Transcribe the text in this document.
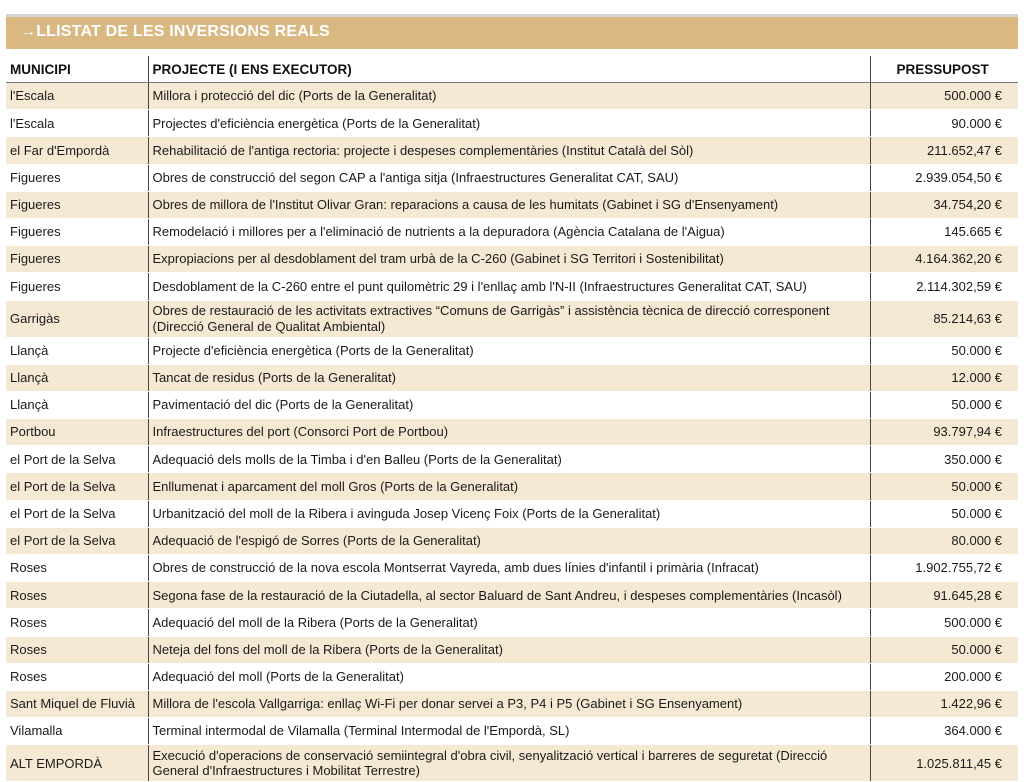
→LLISTAT DE LES INVERSIONS REALS
MUNICIPI	PROJECTE (I ENS EXECUTOR)	PRESSUPOST
l'Escala	Millora i protecció del dic (Ports de la Generalitat)	500.000 €
l'Escala	Projectes d'eficiència energètica (Ports de la Generalitat)	90.000 €
el Far d'Empordà	Rehabilitació de l'antiga rectoria: projecte i despeses complementàries (Institut Català del Sòl)	211.652,47 €
Figueres	Obres de construcció del segon CAP a l'antiga sitja (Infraestructures Generalitat CAT, SAU)	2.939.054,50 €
Figueres	Obres de millora de l'Institut Olivar Gran: reparacions a causa de les humitats (Gabinet i SG d'Ensenyament)	34.754,20 €
Figueres	Remodelació i millores per a l'eliminació de nutrients a la depuradora (Agència Catalana de l'Aigua)	145.665 €
Figueres	Expropiacions per al desdoblament del tram urbà de la C-260 (Gabinet i SG Territori i Sostenibilitat)	4.164.362,20 €
Figueres	Desdoblament de la C-260 entre el punt quilomètric 29 i l'enllaç amb l'N-II (Infraestructures Generalitat CAT, SAU)	2.114.302,59 €
Garrigàs	Obres de restauració de les activitats extractives “Comuns de Garrigàs” i assistència tècnica de direcció corresponent (Direcció General de Qualitat Ambiental)	85.214,63 €
Llançà	Projecte d'eficiència energètica (Ports de la Generalitat)	50.000 €
Llançà	Tancat de residus (Ports de la Generalitat)	12.000 €
Llançà	Pavimentació del dic (Ports de la Generalitat)	50.000 €
Portbou	Infraestructures del port (Consorci Port de Portbou)	93.797,94 €
el Port de la Selva	Adequació dels molls de la Timba i d'en Balleu (Ports de la Generalitat)	350.000 €
el Port de la Selva	Enllumenat i aparcament del moll Gros (Ports de la Generalitat)	50.000 €
el Port de la Selva	Urbanització del moll de la Ribera i avinguda Josep Vicenç Foix (Ports de la Generalitat)	50.000 €
el Port de la Selva	Adequació de l'espigó de Sorres (Ports de la Generalitat)	80.000 €
Roses	Obres de construcció de la nova escola Montserrat Vayreda, amb dues línies d'infantil i primària (Infracat)	1.902.755,72 €
Roses	Segona fase de la restauració de la Ciutadella, al sector Baluard de Sant Andreu, i despeses complementàries (Incasòl)	91.645,28 €
Roses	Adequació del moll de la Ribera (Ports de la Generalitat)	500.000 €
Roses	Neteja del fons del moll de la Ribera (Ports de la Generalitat)	50.000 €
Roses	Adequació del moll (Ports de la Generalitat)	200.000 €
Sant Miquel de Fluvià	Millora de l'escola Vallgarriga: enllaç Wi-Fi per donar servei a P3, P4 i P5 (Gabinet i SG Ensenyament)	1.422,96 €
Vilamalla	Terminal intermodal de Vilamalla (Terminal Intermodal de l'Empordà, SL)	364.000 €
ALT EMPORDÀ	Execució d'operacions de conservació semiintegral d'obra civil, senyalització vertical i barreres de seguretat (Direcció General d'Infraestructures i Mobilitat Terrestre)	1.025.811,45 €
